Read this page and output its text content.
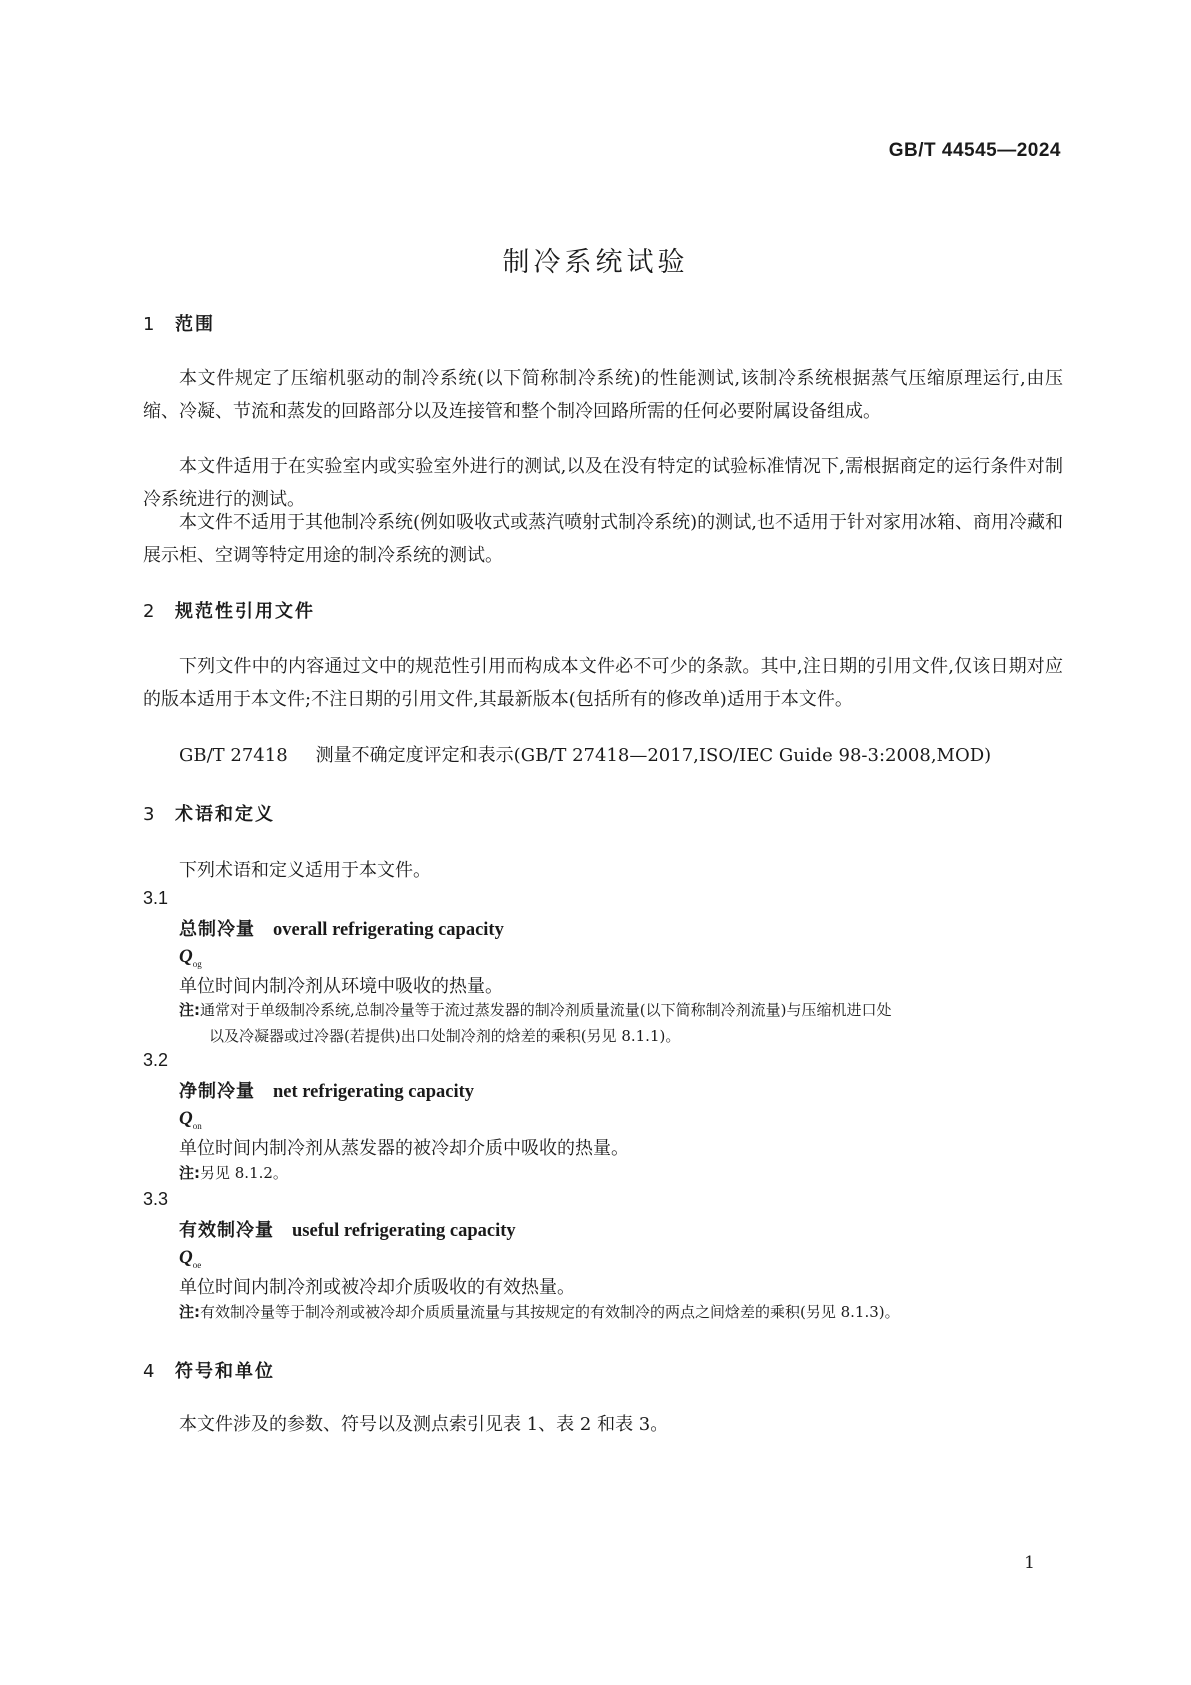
GB/T 44545—2024
制冷系统试验
1 范围
本文件规定了压缩机驱动的制冷系统(以下简称制冷系统)的性能测试,该制冷系统根据蒸气压缩原理运行,由压缩、冷凝、节流和蒸发的回路部分以及连接管和整个制冷回路所需的任何必要附属设备组成。
本文件适用于在实验室内或实验室外进行的测试,以及在没有特定的试验标准情况下,需根据商定的运行条件对制冷系统进行的测试。
本文件不适用于其他制冷系统(例如吸收式或蒸汽喷射式制冷系统)的测试,也不适用于针对家用冰箱、商用冷藏和展示柜、空调等特定用途的制冷系统的测试。
2 规范性引用文件
下列文件中的内容通过文中的规范性引用而构成本文件必不可少的条款。其中,注日期的引用文件,仅该日期对应的版本适用于本文件;不注日期的引用文件,其最新版本(包括所有的修改单)适用于本文件。
GB/T 27418 测量不确定度评定和表示(GB/T 27418—2017,ISO/IEC Guide 98-3:2008,MOD)
3 术语和定义
下列术语和定义适用于本文件。
3.1
总制冷量 overall refrigerating capacity
$Q_{og}$
单位时间内制冷剂从环境中吸收的热量。
注:通常对于单级制冷系统,总制冷量等于流过蒸发器的制冷剂质量流量(以下简称制冷剂流量)与压缩机进口处
以及冷凝器或过冷器(若提供)出口处制冷剂的焓差的乘积(另见 8.1.1)。
3.2
净制冷量 net refrigerating capacity
$Q_{on}$
单位时间内制冷剂从蒸发器的被冷却介质中吸收的热量。
注:另见 8.1.2。
3.3
有效制冷量 useful refrigerating capacity
$Q_{oe}$
单位时间内制冷剂或被冷却介质吸收的有效热量。
注:有效制冷量等于制冷剂或被冷却介质质量流量与其按规定的有效制冷的两点之间焓差的乘积(另见 8.1.3)。
4 符号和单位
本文件涉及的参数、符号以及测点索引见表 1、表 2 和表 3。
1
